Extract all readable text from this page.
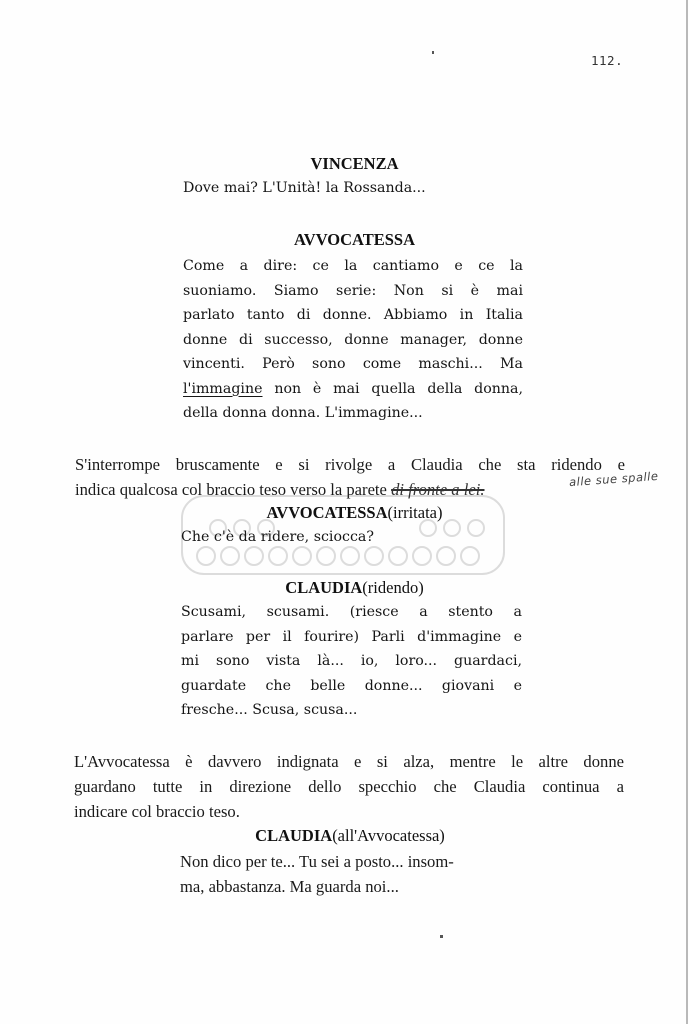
112.

VINCENZA
Dove mai? L'Unità! la Rossanda...
AVVOCATESSA
Come a dire: ce la cantiamo e ce la
suoniamo. Siamo serie: Non si è mai
parlato tanto di donne. Abbiamo in Italia
donne di successo, donne manager, donne
vincenti. Però sono come maschi... Ma
l'immagine non è mai quella della donna,
della donna donna. L'immagine...
S'interrompe bruscamente e si rivolge a Claudia che sta ridendo e
indica qualcosa col braccio teso verso la parete di fronte a lei.
alle sue spalle
AVVOCATESSA(irritata)
Che c'è da ridere, sciocca?
CLAUDIA(ridendo)
Scusami, scusami. (riesce a stento a
parlare per il fourire) Parli d'immagine e
mi sono vista là... io, loro... guardaci,
guardate che belle donne... giovani e
fresche... Scusa, scusa...
L'Avvocatessa è davvero indignata e si alza, mentre le altre donne
guardano tutte in direzione dello specchio che Claudia continua a
indicare col braccio teso.
CLAUDIA(all'Avvocatessa)
Non dico per te... Tu sei a posto... insom-
ma, abbastanza. Ma guarda noi...
